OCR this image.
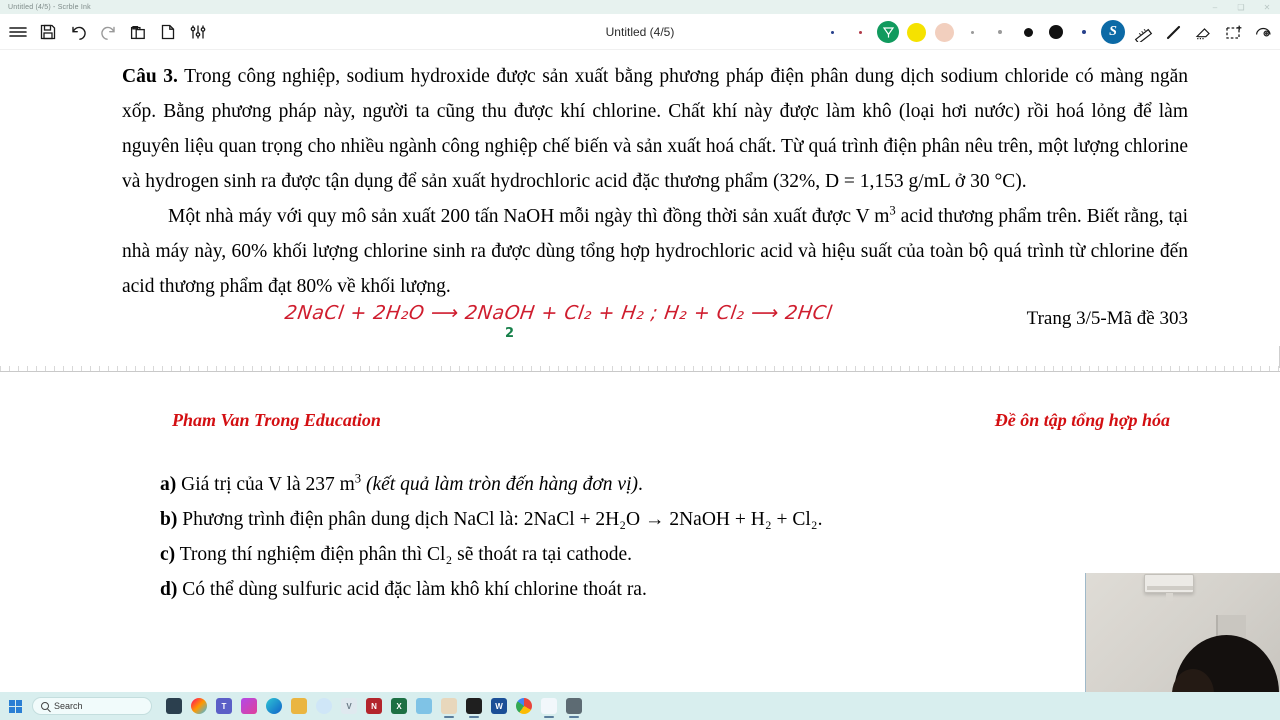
Untitled (4/5) - Scrble Ink	–	❑	✕
Untitled (4/5)	S
Câu 3. Trong công nghiệp, sodium hydroxide được sản xuất bằng phương pháp điện phân dung dịch sodium chloride có màng ngăn xốp. Bằng phương pháp này, người ta cũng thu được khí chlorine. Chất khí này được làm khô (loại hơi nước) rồi hoá lỏng để làm nguyên liệu quan trọng cho nhiều ngành công nghiệp chế biến và sản xuất hoá chất. Từ quá trình điện phân nêu trên, một lượng chlorine và hydrogen sinh ra được tận dụng để sản xuất hydrochloric acid đặc thương phẩm (32%, D = 1,153 g/mL ở 30 °C).
Một nhà máy với quy mô sản xuất 200 tấn NaOH mỗi ngày thì đồng thời sản xuất được V $m^3$ acid thương phẩm trên. Biết rằng, tại nhà máy này, 60% khối lượng chlorine sinh ra được dùng tổng hợp hydrochloric acid và hiệu suất của toàn bộ quá trình từ chlorine đến acid thương phẩm đạt 80% về khối lượng.
2NaCl + 2H₂O ⟶ 2NaOH + Cl₂ + H₂ ; H₂ + Cl₂ ⟶ 2HCl
2
Trang 3/5-Mã đề 303
Pham Van Trong Education	Đề ôn tập tổng hợp hóa
a) Giá trị của V là 237 $m^3$ (kết quả làm tròn đến hàng đơn vị).
b) Phương trình điện phân dung dịch NaCl là: 2NaCl + 2H₂O → 2NaOH + H₂ + Cl₂.
c) Trong thí nghiệm điện phân thì Cl₂ sẽ thoát ra tại cathode.
d) Có thể dùng sulfuric acid đặc làm khô khí chlorine thoát ra.
Search	T	V	N	X	W
